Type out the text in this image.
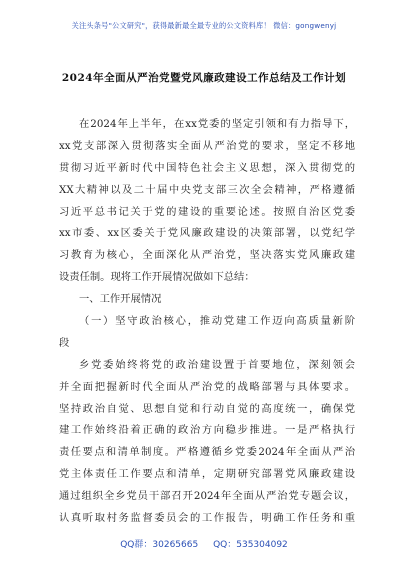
关注头条号"公文研究"，获得最新最全最专业的公文资料库！ 微信：gongwenyj
2024年全面从严治党暨党风廉政建设工作总结及工作计划
在2024年上半年，在xx党委的坚定引领和有力指导下，
xx党支部深入贯彻落实全面从严治党的要求，坚定不移地
贯彻习近平新时代中国特色社会主义思想，深入贯彻党的
XX大精神以及二十届中央党支部三次全会精神，严格遵循
习近平总书记关于党的建设的重要论述。按照自治区党委
xx市委、xx区委关于党风廉政建设的决策部署，以党纪学
习教育为核心，全面深化从严治党，坚决落实党风廉政建
设责任制。现将工作开展情况做如下总结：
一、工作开展情况
（一）坚守政治核心，推动党建工作迈向高质量新阶
段
乡党委始终将党的政治建设置于首要地位，深刻领会
并全面把握新时代全面从严治党的战略部署与具体要求。
坚持政治自觉、思想自觉和行动自觉的高度统一，确保党
建工作始终沿着正确的政治方向稳步推进。一是严格执行
责任要点和清单制度。严格遵循乡党委2024年全面从严治
党主体责任工作要点和清单，定期研究部署党风廉政建设
通过组织全乡党员干部召开2024年全面从严治党专题会议，
认真听取村务监督委员会的工作报告，明确工作任务和重
QQ群：30265665 QQ：535304092
